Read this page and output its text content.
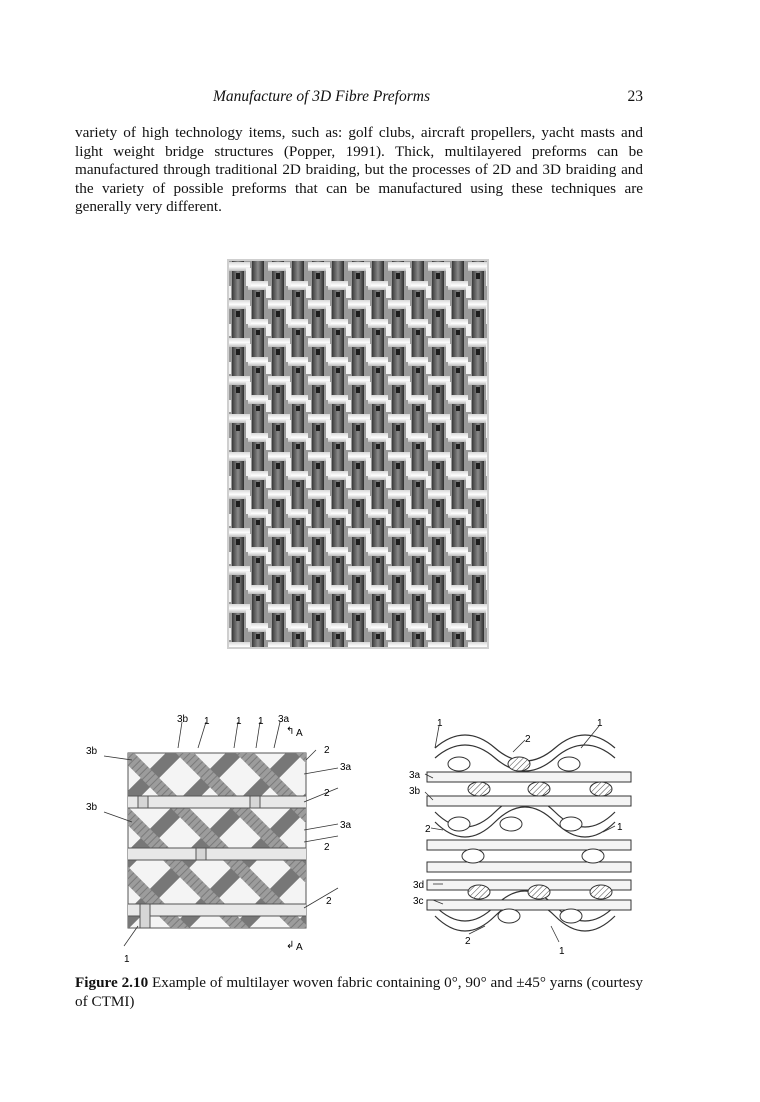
Manufacture of 3D Fibre Preforms	23

variety of high technology items, such as: golf clubs, aircraft propellers, yacht masts and light weight bridge structures (Popper, 1991). Thick, multilayered preforms can be manufactured through traditional 2D braiding, but the processes of 2D and 3D braiding and the variety of possible preforms that can be manufactured using these techniques are generally very different.

3b 1	1 1 3a
A
↰
3b
3b
2
3a
2
3a
2
2
1
↲ A
1
2
1
3a
3b
2	1
3d
3c
2
1
Figure 2.10 Example of multilayer woven fabric containing 0°, 90° and ±45° yarns (courtesy of CTMI)
